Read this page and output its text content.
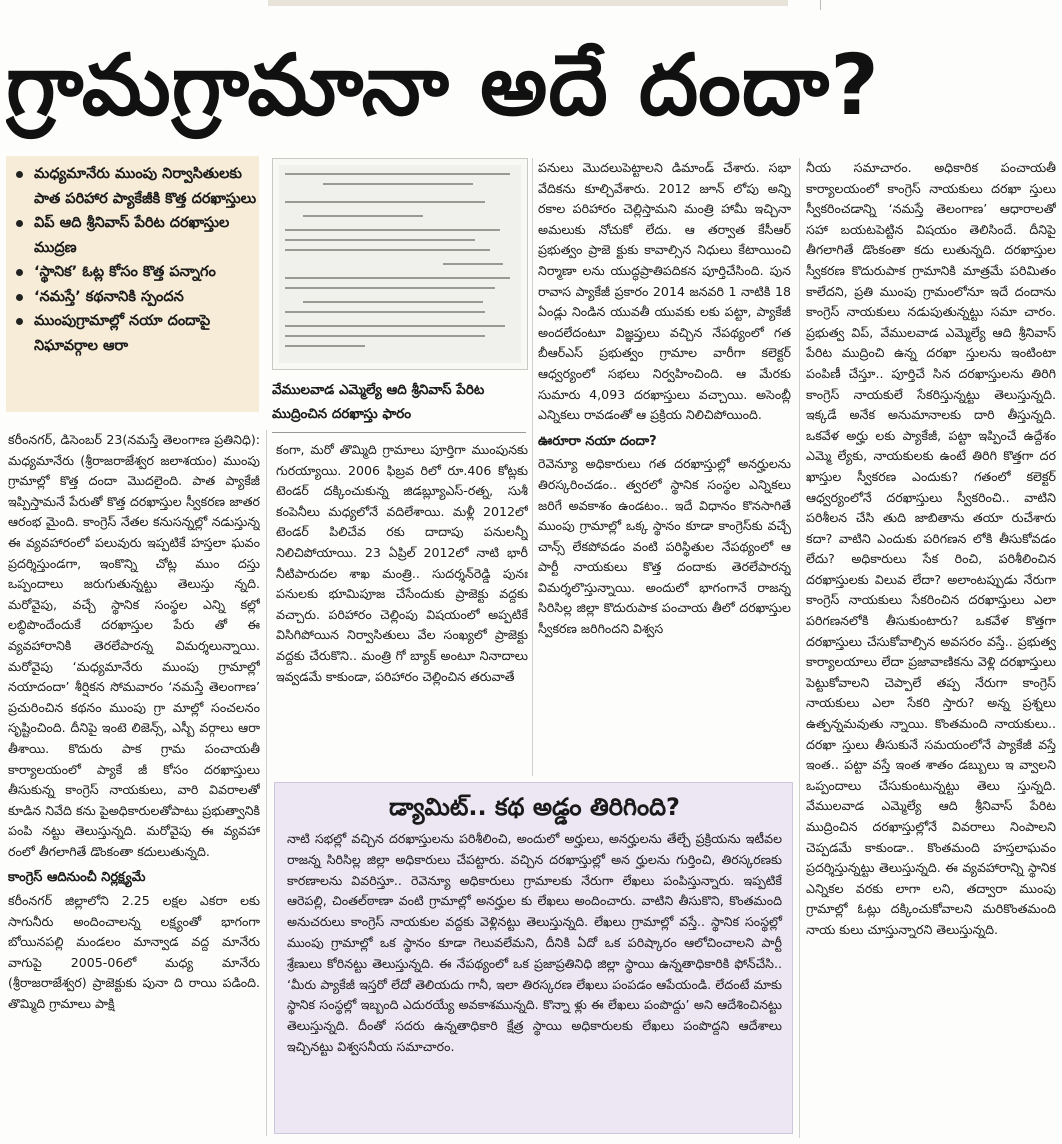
గ్రామగ్రామానా అదే దందా?
మధ్యమానేరు ముంపు నిర్వాసితులకు పాత పరిహార ప్యాకేజీకి కొత్త దరఖాస్తులు
విప్ ఆది శ్రీనివాస్ పేరిట దరఖాస్తుల ముద్రణ
‘స్థానిక’ ఓట్ల కోసం కొత్త పన్నాగం
‘నమస్తే’ కథనానికి స్పందన
ముంపుగ్రామాల్లో నయా దందాపై నిఘావర్గాల ఆరా
వేములవాడ ఎమ్మెల్యే ఆది శ్రీనివాస్ పేరిట ముద్రించిన దరఖాస్తు ఫారం

కరీంనగర్, డిసెంబర్ 23(నమస్తే తెలంగాణ ప్రతినిధి): మధ్యమానేరు (శ్రీరాజరాజేశ్వర జలాశయం) ముంపు గ్రామాల్లో కొత్త దందా మొదలైంది. పాత ప్యాకేజీ ఇప్పిస్తామనే పేరుతో కొత్త దరఖాస్తుల స్వీకరణ జాతర ఆరంభ మైంది. కాంగ్రెస్ నేతల కనుసన్నల్లో నడుస్తున్న ఈ వ్యవహారంలో పలువురు ఇప్పటికే హస్తలా ఘవం ప్రదర్శిస్తుండగా, ఇంకొన్ని చోట్ల ముం దస్తు ఒప్పందాలు జరుగుతున్నట్టు తెలుస్తు న్నది. మరోవైపు, వచ్చే స్థానిక సంస్థల ఎన్ని కల్లో లబ్ధిపొందేందుకే దరఖాస్తుల పేరు తో ఈ వ్యవహారానికి తెరలేపారన్న విమర్శలున్నాయి. మరోవైపు ‘మధ్యమానేరు ముంపు గ్రామాల్లో నయాదందా’ శీర్షికన సోమవారం ‘నమస్తే తెలంగాణ’ ప్రచురించిన కథనం ముంపు గ్రా మాల్లో సంచలనం సృష్టించింది. దీనిపై ఇంటె లిజెన్స్, ఎస్బీ వర్గాలు ఆరా తీశాయి. కొదురు పాక గ్రామ పంచాయతీ కార్యాలయంలో ప్యాకే జీ కోసం దరఖాస్తులు తీసుకున్న కాంగ్రెస్ నాయకులు, వారి వివరాలతో కూడిన నివేది కను పైఅధికారులతోపాటు ప్రభుత్వానికి పంపి నట్టు తెలుస్తున్నది. మరోవైపు ఈ వ్యవహా రంలో తీగలాగితే డొంకంతా కదులుతున్నది.

కాంగ్రెస్ ఆదినుంచీ నిర్లక్ష్యమే

కరీంనగర్ జిల్లాలోని 2.25 లక్షల ఎకరా లకు సాగునీరు అందించాలన్న లక్ష్యంతో భాగంగా బోయినపల్లి మండలం మాన్వాడ వద్ద మానేరు వాగుపై 2005-06లో మధ్య మానేరు (శ్రీరాజరాజేశ్వర) ప్రాజెక్టుకు పునా ది రాయి పడింది. తొమ్మిది గ్రామాలు పాక్షి

కంగా, మరో తొమ్మిది గ్రామాలు పూర్తిగా ముంపునకు గురయ్యాయి. 2006 ఫిబ్రవ రిలో రూ.406 కోట్లకు టెండర్ దక్కించుకున్న జిడబ్ల్యూఎస్-రత్న, సుశీ కంపెనీలు మధ్యలోనే వదిలేశాయి. మళ్లీ 2012లో టెండర్ పిలిచేవ రకు దాదాపు పనులన్నీ నిలిచిపోయాయి. 23 ఏప్రిల్ 2012లో నాటి భారీ నీటిపారుదల శాఖ మంత్రి.. సుదర్శన్‌రెడ్డి పునః పనులకు భూమిపూజ చేసేందుకు ప్రాజెక్టు వద్దకు వచ్చారు. పరిహారం చెల్లింపు విషయంలో అప్పటికే విసిగిపోయిన నిర్వాసితులు వేల సంఖ్యలో ప్రాజెక్టు వద్దకు చేరుకొని.. మంత్రి గో బ్యాక్ అంటూ నినాదాలు ఇవ్వడమే కాకుండా, పరిహారం చెల్లించిన తరువాతే

పనులు మొదలుపెట్టాలని డిమాండ్ చేశారు. సభా వేదికను కూల్చివేశారు. 2012 జూన్ లోపు అన్ని రకాల పరిహారం చెల్లిస్తామని మంత్రి హామీ ఇచ్చినా అమలుకు నోచుకో లేదు. ఆ తర్వాత కేసీఆర్ ప్రభుత్వం ప్రాజె క్టుకు కావాల్సిన నిధులు కేటాయించి నిర్మాణా లను యుద్ధప్రాతిపదికన పూర్తిచేసింది. పున రావాస ప్యాకేజీ ప్రకారం 2014 జనవరి 1 నాటికి 18 ఏండ్లు నిండిన యువతీ యువకు లకు పట్టా, ప్యాకేజీ అందలేదంటూ విజ్ఞప్తులు వచ్చిన నేపథ్యంలో గత బీఆర్ఎస్ ప్రభుత్వం గ్రామాల వారీగా కలెక్టర్ ఆధ్వర్యంలో సభలు నిర్వహించింది. ఆ మేరకు సుమారు 4,093 దరఖాస్తులు వచ్చాయి. అసెంబ్లీ ఎన్నికలు రావడంతో ఆ ప్రక్రియ నిలిచిపోయింది.

ఊరూరా నయా దందా?

రెవెన్యూ అధికారులు గత దరఖాస్తుల్లో అనర్హులను తిరస్కరించడం.. త్వరలో స్థానిక సంస్థల ఎన్నికలు జరిగే అవకాశం ఉండటం.. ఇదే విధానం కొనసాగితే ముంపు గ్రామాల్లో ఒక్క స్థానం కూడా కాంగ్రెస్‌కు వచ్చే చాన్స్ లేకపోవడం వంటి పరిస్థితుల నేపథ్యంలో ఆ పార్టీ నాయకులు కొత్త దందాకు తెరలేపారన్న విమర్శలొస్తున్నాయి. అందులో భాగంగానే రాజన్న సిరిసిల్ల జిల్లా కొదురుపాక పంచాయ తీలో దరఖాస్తుల స్వీకరణ జరిగిందని విశ్వస

నీయ సమాచారం. అధికారిక పంచాయతీ కార్యాలయంలో కాంగ్రెస్ నాయకులు దరఖా స్తులు స్వీకరించడాన్ని ‘నమస్తే తెలంగాణ’ ఆధారాలతో సహా బయటపెట్టిన విషయం తెలిసిందే. దీనిపై తీగలాగితే డొంకంతా కదు లుతున్నది. దరఖాస్తుల స్వీకరణ కొదురుపాక గ్రామానికి మాత్రమే పరిమితం కాలేదని, ప్రతి ముంపు గ్రామంలోనూ ఇదే దందాను కాంగ్రెస్ నాయకులు నడుపుతున్నట్టు సమా చారం. ప్రభుత్వ విప్, వేములవాడ ఎమ్మెల్యే ఆది శ్రీనివాస్ పేరిట ముద్రించి ఉన్న దరఖా స్తులను ఇంటింటా పంపిణీ చేస్తూ.. పూర్తిచే సిన దరఖాస్తులను తిరిగి కాంగ్రెస్ నాయకులే సేకరిస్తున్నట్టు తెలుస్తున్నది. ఇక్కడే అనేక అనుమానాలకు దారి తీస్తున్నది. ఒకవేళ అర్హు లకు ప్యాకేజీ, పట్టా ఇప్పించే ఉద్దేశం ఎమ్మె ల్యేకు, నాయకులకు ఉంటే తిరిగి కొత్తగా దర ఖాస్తుల స్వీకరణ ఎందుకు? గతంలో కలెక్టర్ ఆధ్వర్యంలోనే దరఖాస్తులు స్వీకరించి.. వాటిని పరిశీలన చేసి తుది జాబితాను తయా రుచేశారు కదా? వాటిని ఎందుకు పరిగణన లోకి తీసుకోవడం లేదు? అధికారులు సేక రించి, పరిశీలించిన దరఖాస్తులకు విలువ లేదా? అలాంటప్పుడు నేరుగా కాంగ్రెస్ నాయకులు సేకరించిన దరఖాస్తులు ఎలా పరిగణనలోకి తీసుకుంటారు? ఒకవేళ కొత్తగా దరఖాస్తులు చేసుకోవాల్సిన అవసరం వస్తే.. ప్రభుత్వ కార్యాలయాలు లేదా ప్రజావాణికను వెళ్లి దరఖాస్తులు పెట్టుకోవాలని చెప్పాలే తప్ప నేరుగా కాంగ్రెస్ నాయకులు ఎలా సేకరి స్తారు? అన్న ప్రశ్నలు ఉత్పన్నమవుతు న్నాయి. కొంతమంది నాయకులు.. దరఖా స్తులు తీసుకునే సమయంలోనే ప్యాకేజీ వస్తే ఇంత.. పట్టా వస్తే ఇంత శాతం డబ్బులు ఇ వ్వాలని ఒప్పందాలు చేసుకుంటున్నట్టు తెలు స్తున్నది. వేములవాడ ఎమ్మెల్యే ఆది శ్రీనివాస్ పేరిట ముద్రించిన దరఖాస్తుల్లోనే వివరాలు నింపాలని చెప్పడమే కాకుండా.. కొంతమంది హస్తలాఘవం ప్రదర్శిస్తున్నట్టు తెలుస్తున్నది. ఈ వ్యవహారాన్ని స్థానిక ఎన్నికల వరకు లాగా లని, తద్వారా ముంపు గ్రామాల్లో ఓట్లు దక్కించుకోవాలని మరికొంతమంది నాయ కులు చూస్తున్నారని తెలుస్తున్నది.

డ్యామిట్.. కథ అడ్డం తిరిగింది?
నాటి సభల్లో వచ్చిన దరఖాస్తులను పరిశీలించి, అందులో అర్హులు, అనర్హులను తేల్చే ప్రక్రియను ఇటీవల రాజన్న సిరిసిల్ల జిల్లా అధికారులు చేపట్టారు. వచ్చిన దరఖాస్తుల్లో అన ర్హులను గుర్తించి, తిరస్కరణకు కారణాలను వివరిస్తూ.. రెవెన్యూ అధికారులు గ్రామాలకు నేరుగా లేఖలు పంపిస్తున్నారు. ఇప్పటికే ఆరెపల్లి, చింతల్‌ఠాణా వంటి గ్రామాల్లో అనర్హుల కు లేఖలు అందించారు. వాటిని తీసుకొని, కొంతమంది అనుచరులు కాంగ్రెస్ నాయకుల వద్దకు వెళ్లినట్టు తెలుస్తున్నది. లేఖలు గ్రామాల్లో వస్తే.. స్థానిక సంస్థల్లో ముంపు గ్రామాల్లో ఒక స్థానం కూడా గెలువలేమని, దీనికి ఏదో ఒక పరిష్కారం ఆలోచించాలని పార్టీ శ్రేణులు కోరినట్టు తెలుస్తున్నది. ఈ నేపథ్యంలో ఒక ప్రజాప్రతినిధి జిల్లా స్థాయి ఉన్నతాధికారికి ఫోన్‌చేసి.. ‘మీరు ప్యాకేజీ ఇస్తరో లేదో తెలియదు గానీ, ఇలా తిరస్కరణ లేఖలు పంపడం ఆపేయండి. లేదంటే మాకు స్థానిక సంస్థల్లో ఇబ్బంది ఎదురయ్యే అవకాశమున్నది. కొన్నా ళ్లు ఈ లేఖలు పంపొద్దు’ అని ఆదేశించినట్టు తెలుస్తున్నది. దీంతో సదరు ఉన్నతాధికారి క్షేత్ర స్థాయి అధికారులకు లేఖలు పంపొద్దని ఆదేశాలు ఇచ్చినట్టు విశ్వసనీయ సమాచారం.
